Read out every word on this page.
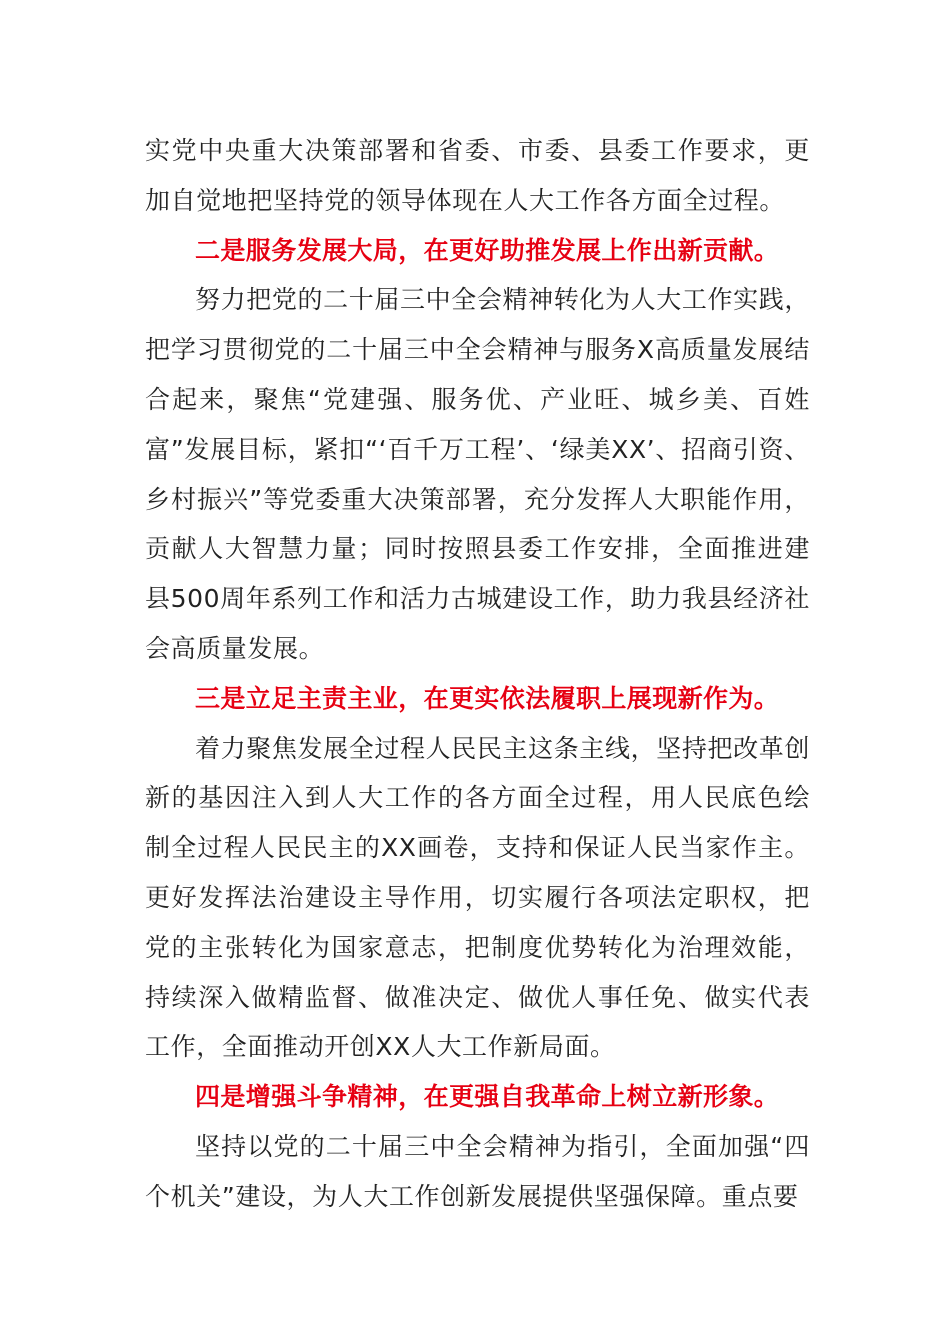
实党中央重大决策部署和省委、市委、县委工作要求，更加自觉地把坚持党的领导体现在人大工作各方面全过程。

二是服务发展大局，在更好助推发展上作出新贡献。

努力把党的二十届三中全会精神转化为人大工作实践，把学习贯彻党的二十届三中全会精神与服务X高质量发展结合起来，聚焦“党建强、服务优、产业旺、城乡美、百姓富”发展目标，紧扣“‘百千万工程’、‘绿美XX’、招商引资、乡村振兴”等党委重大决策部署，充分发挥人大职能作用，贡献人大智慧力量；同时按照县委工作安排，全面推进建县500周年系列工作和活力古城建设工作，助力我县经济社会高质量发展。

三是立足主责主业，在更实依法履职上展现新作为。

着力聚焦发展全过程人民民主这条主线，坚持把改革创新的基因注入到人大工作的各方面全过程，用人民底色绘制全过程人民民主的XX画卷，支持和保证人民当家作主。更好发挥法治建设主导作用，切实履行各项法定职权，把党的主张转化为国家意志，把制度优势转化为治理效能，持续深入做精监督、做准决定、做优人事任免、做实代表工作，全面推动开创XX人大工作新局面。

四是增强斗争精神，在更强自我革命上树立新形象。

坚持以党的二十届三中全会精神为指引，全面加强“四个机关”建设，为人大工作创新发展提供坚强保障。重点要
